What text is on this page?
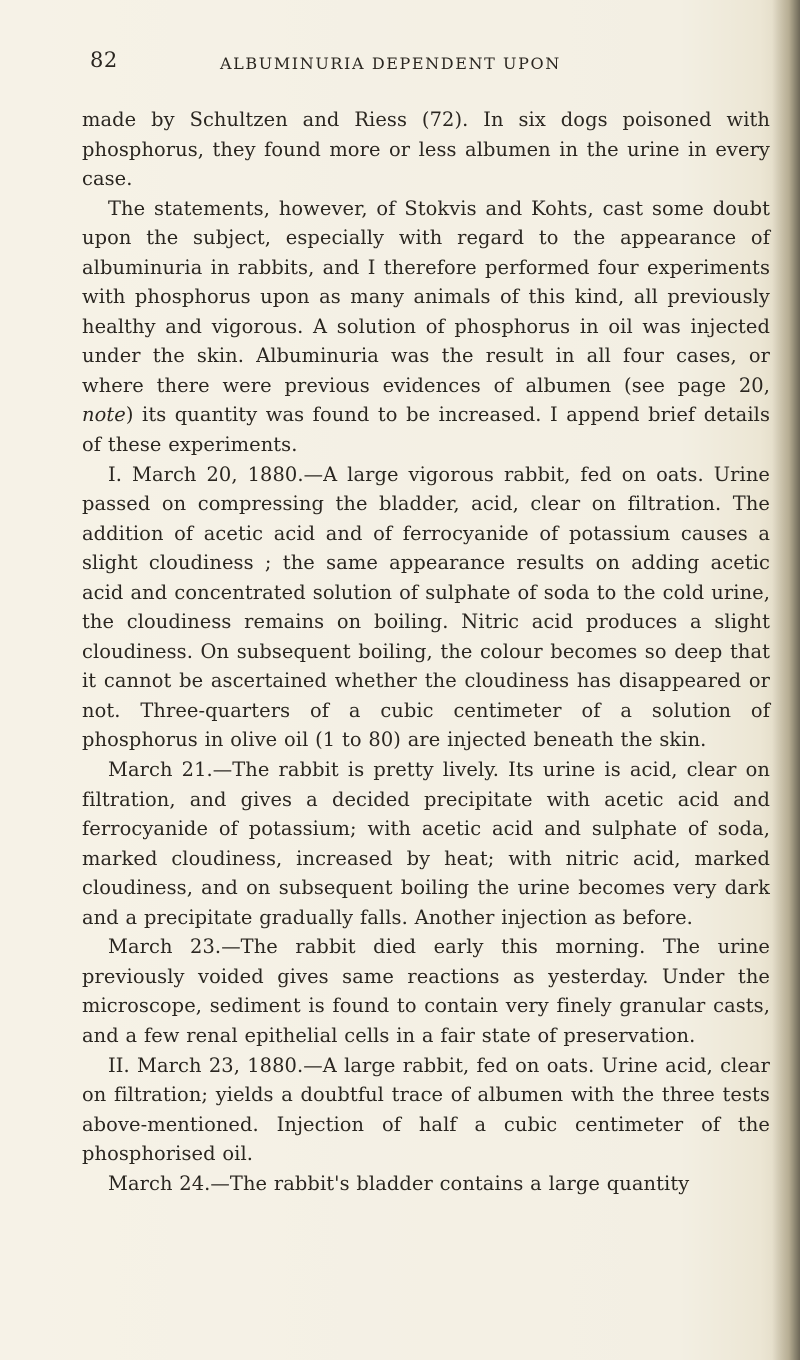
82	ALBUMINURIA DEPENDENT UPON

made by Schultzen and Riess (72). In six dogs poisoned with phosphorus, they found more or less albumen in the urine in every case.

The statements, however, of Stokvis and Kohts, cast some doubt upon the subject, especially with regard to the appearance of albuminuria in rabbits, and I therefore performed four experiments with phosphorus upon as many animals of this kind, all previously healthy and vigorous. A solution of phosphorus in oil was injected under the skin. Albuminuria was the result in all four cases, or where there were previous evidences of albumen (see page 20, note) its quantity was found to be increased. I append brief details of these experiments.

I. March 20, 1880.—A large vigorous rabbit, fed on oats. Urine passed on compressing the bladder, acid, clear on filtration. The addition of acetic acid and of ferrocyanide of potassium causes a slight cloudiness ; the same appearance results on adding acetic acid and concentrated solution of sulphate of soda to the cold urine, the cloudiness remains on boiling. Nitric acid produces a slight cloudiness. On subsequent boiling, the colour becomes so deep that it cannot be ascertained whether the cloudiness has disappeared or not. Three-quarters of a cubic centimeter of a solution of phosphorus in olive oil (1 to 80) are injected beneath the skin.

March 21.—The rabbit is pretty lively. Its urine is acid, clear on filtration, and gives a decided precipitate with acetic acid and ferrocyanide of potassium; with acetic acid and sulphate of soda, marked cloudiness, increased by heat; with nitric acid, marked cloudiness, and on subsequent boiling the urine becomes very dark and a precipitate gradually falls. Another injection as before.

March 23.—The rabbit died early this morning. The urine previously voided gives same reactions as yesterday. Under the microscope, sediment is found to contain very finely granular casts, and a few renal epithelial cells in a fair state of preservation.

II. March 23, 1880.—A large rabbit, fed on oats. Urine acid, clear on filtration; yields a doubtful trace of albumen with the three tests above-mentioned. Injection of half a cubic centimeter of the phosphorised oil.

March 24.—The rabbit's bladder contains a large quantity
